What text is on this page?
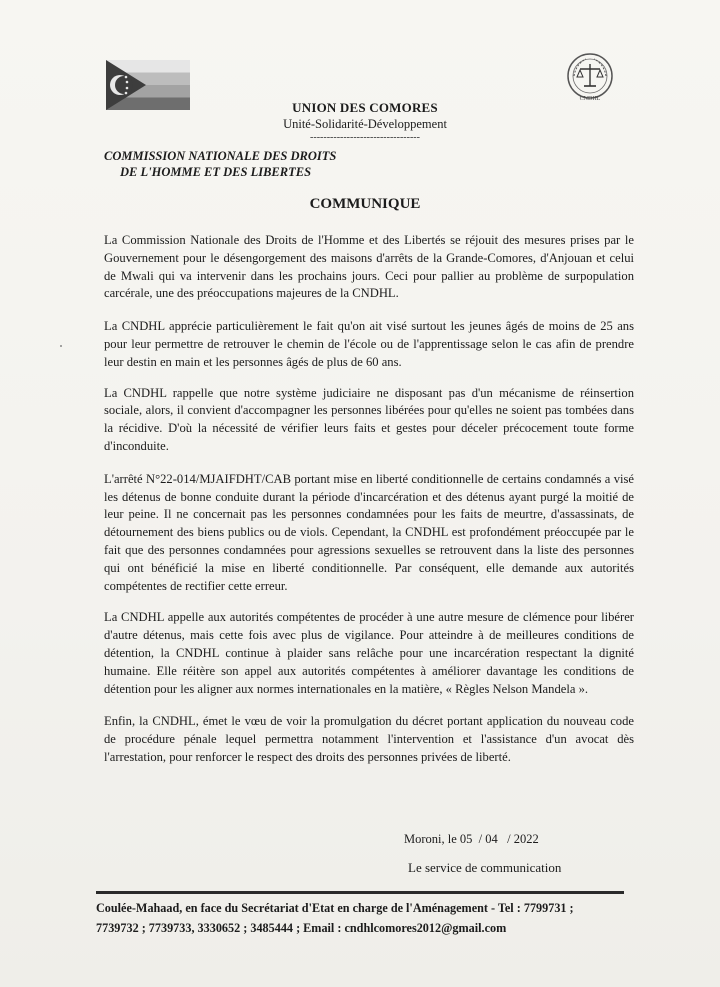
CNDHL
UNION DES COMORES
Unité-Solidarité-Développement
---------------------------------
COMMISSION NATIONALE DES DROITS
DE L'HOMME ET DES LIBERTES
COMMUNIQUE

La Commission Nationale des Droits de l'Homme et des Libertés se réjouit des mesures prises par le Gouvernement pour le désengorgement des maisons d'arrêts de la Grande-Comores, d'Anjouan et celui de Mwali qui va intervenir dans les prochains jours. Ceci pour pallier au problème de surpopulation carcérale, une des préoccupations majeures de la CNDHL.

La CNDHL apprécie particulièrement le fait qu'on ait visé surtout les jeunes âgés de moins de 25 ans pour leur permettre de retrouver le chemin de l'école ou de l'apprentissage selon le cas afin de prendre leur destin en main et les personnes âgés de plus de 60 ans.

La CNDHL rappelle que notre système judiciaire ne disposant pas d'un mécanisme de réinsertion sociale, alors, il convient d'accompagner les personnes libérées pour qu'elles ne soient pas tombées dans la récidive. D'où la nécessité de vérifier leurs faits et gestes pour déceler précocement toute forme d'inconduite.

L'arrêté N°22-014/MJAIFDHT/CAB portant mise en liberté conditionnelle de certains condamnés a visé les détenus de bonne conduite durant la période d'incarcération et des détenus ayant purgé la moitié de leur peine. Il ne concernait pas les personnes condamnées pour les faits de meurtre, d'assassinats, de détournement des biens publics ou de viols. Cependant, la CNDHL est profondément préoccupée par le fait que des personnes condamnées pour agressions sexuelles se retrouvent dans la liste des personnes qui ont bénéficié la mise en liberté conditionnelle. Par conséquent, elle demande aux autorités compétentes de rectifier cette erreur.

La CNDHL appelle aux autorités compétentes de procéder à une autre mesure de clémence pour libérer d'autre détenus, mais cette fois avec plus de vigilance. Pour atteindre à de meilleures conditions de détention, la CNDHL continue à plaider sans relâche pour une incarcération respectant la dignité humaine. Elle réitère son appel aux autorités compétentes à améliorer davantage les conditions de détention pour les aligner aux normes internationales en la matière, « Règles Nelson Mandela ».

Enfin, la CNDHL, émet le vœu de voir la promulgation du décret portant application du nouveau code de procédure pénale lequel permettra notamment l'intervention et l'assistance d'un avocat dès l'arrestation, pour renforcer le respect des droits des personnes privées de liberté.

Moroni, le 05  / 04   / 2022
Le service de communication
Coulée-Mahaad, en face du Secrétariat d'Etat en charge de l'Aménagement - Tel : 7799731 ;
7739732 ; 7739733, 3330652 ; 3485444 ; Email : cndhlcomores2012@gmail.com
